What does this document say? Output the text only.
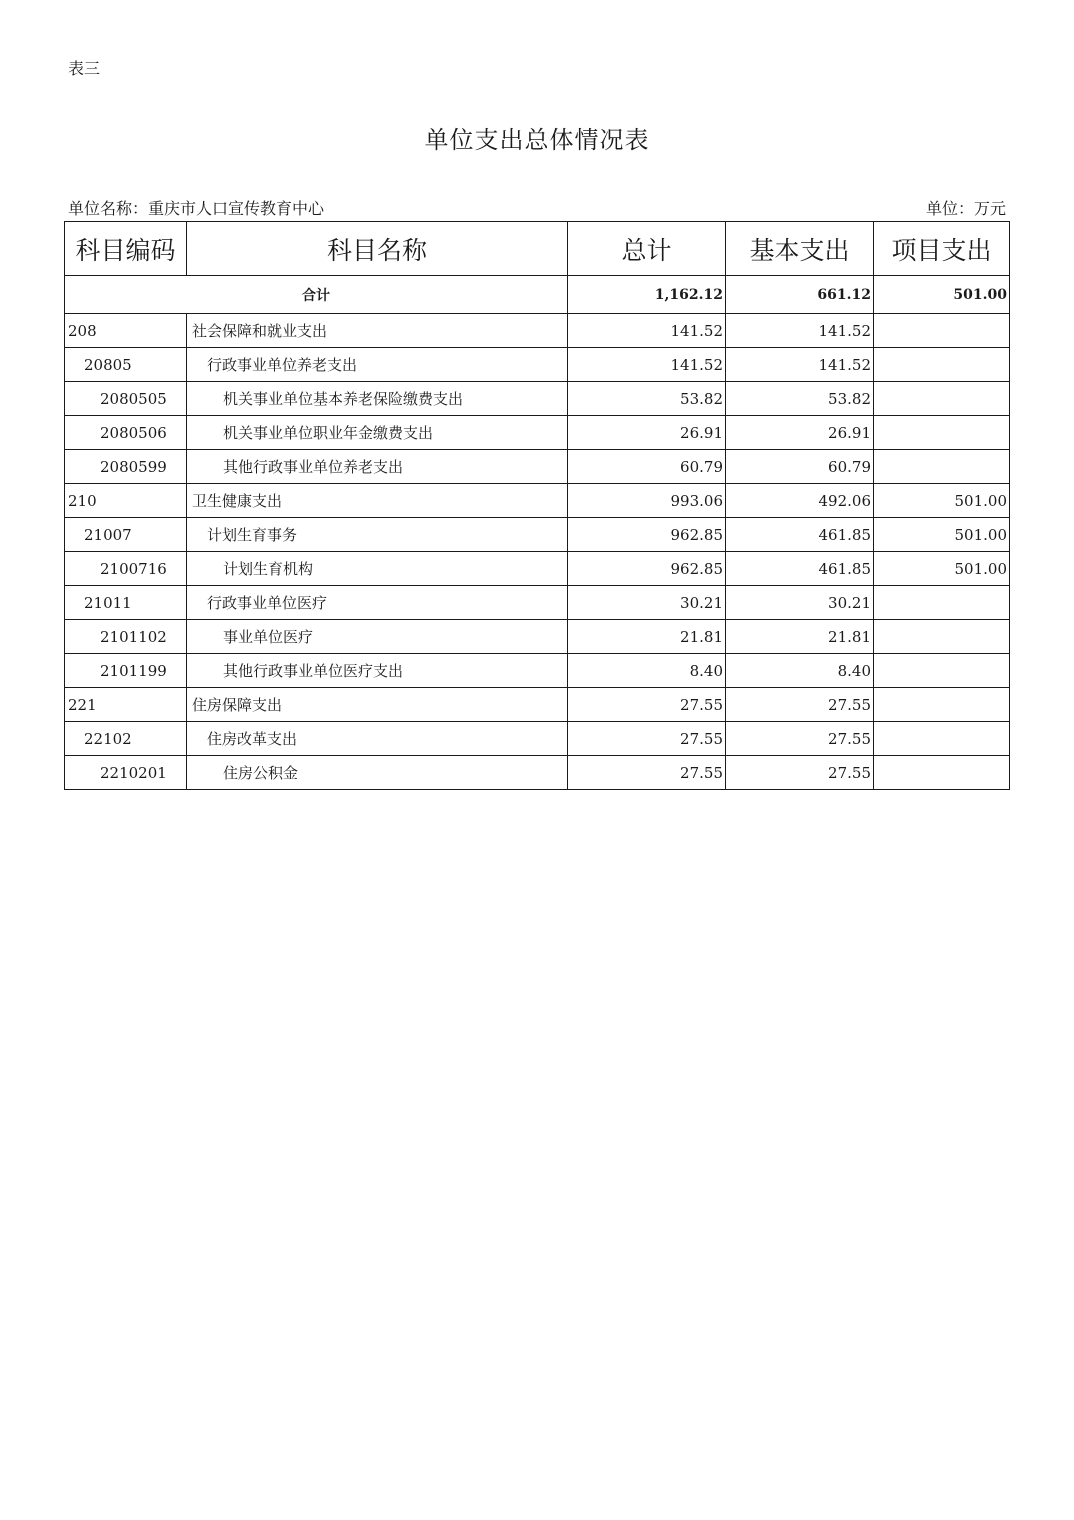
表三
单位支出总体情况表
单位名称：重庆市人口宣传教育中心	单位：万元
科目编码	科目名称	总计	基本支出	项目支出
合计		1,162.12	661.12	501.00
208	社会保障和就业支出	141.52	141.52	
20805	行政事业单位养老支出	141.52	141.52	
2080505	机关事业单位基本养老保险缴费支出	53.82	53.82	
2080506	机关事业单位职业年金缴费支出	26.91	26.91	
2080599	其他行政事业单位养老支出	60.79	60.79	
210	卫生健康支出	993.06	492.06	501.00
21007	计划生育事务	962.85	461.85	501.00
2100716	计划生育机构	962.85	461.85	501.00
21011	行政事业单位医疗	30.21	30.21	
2101102	事业单位医疗	21.81	21.81	
2101199	其他行政事业单位医疗支出	8.40	8.40	
221	住房保障支出	27.55	27.55	
22102	住房改革支出	27.55	27.55	
2210201	住房公积金	27.55	27.55	
